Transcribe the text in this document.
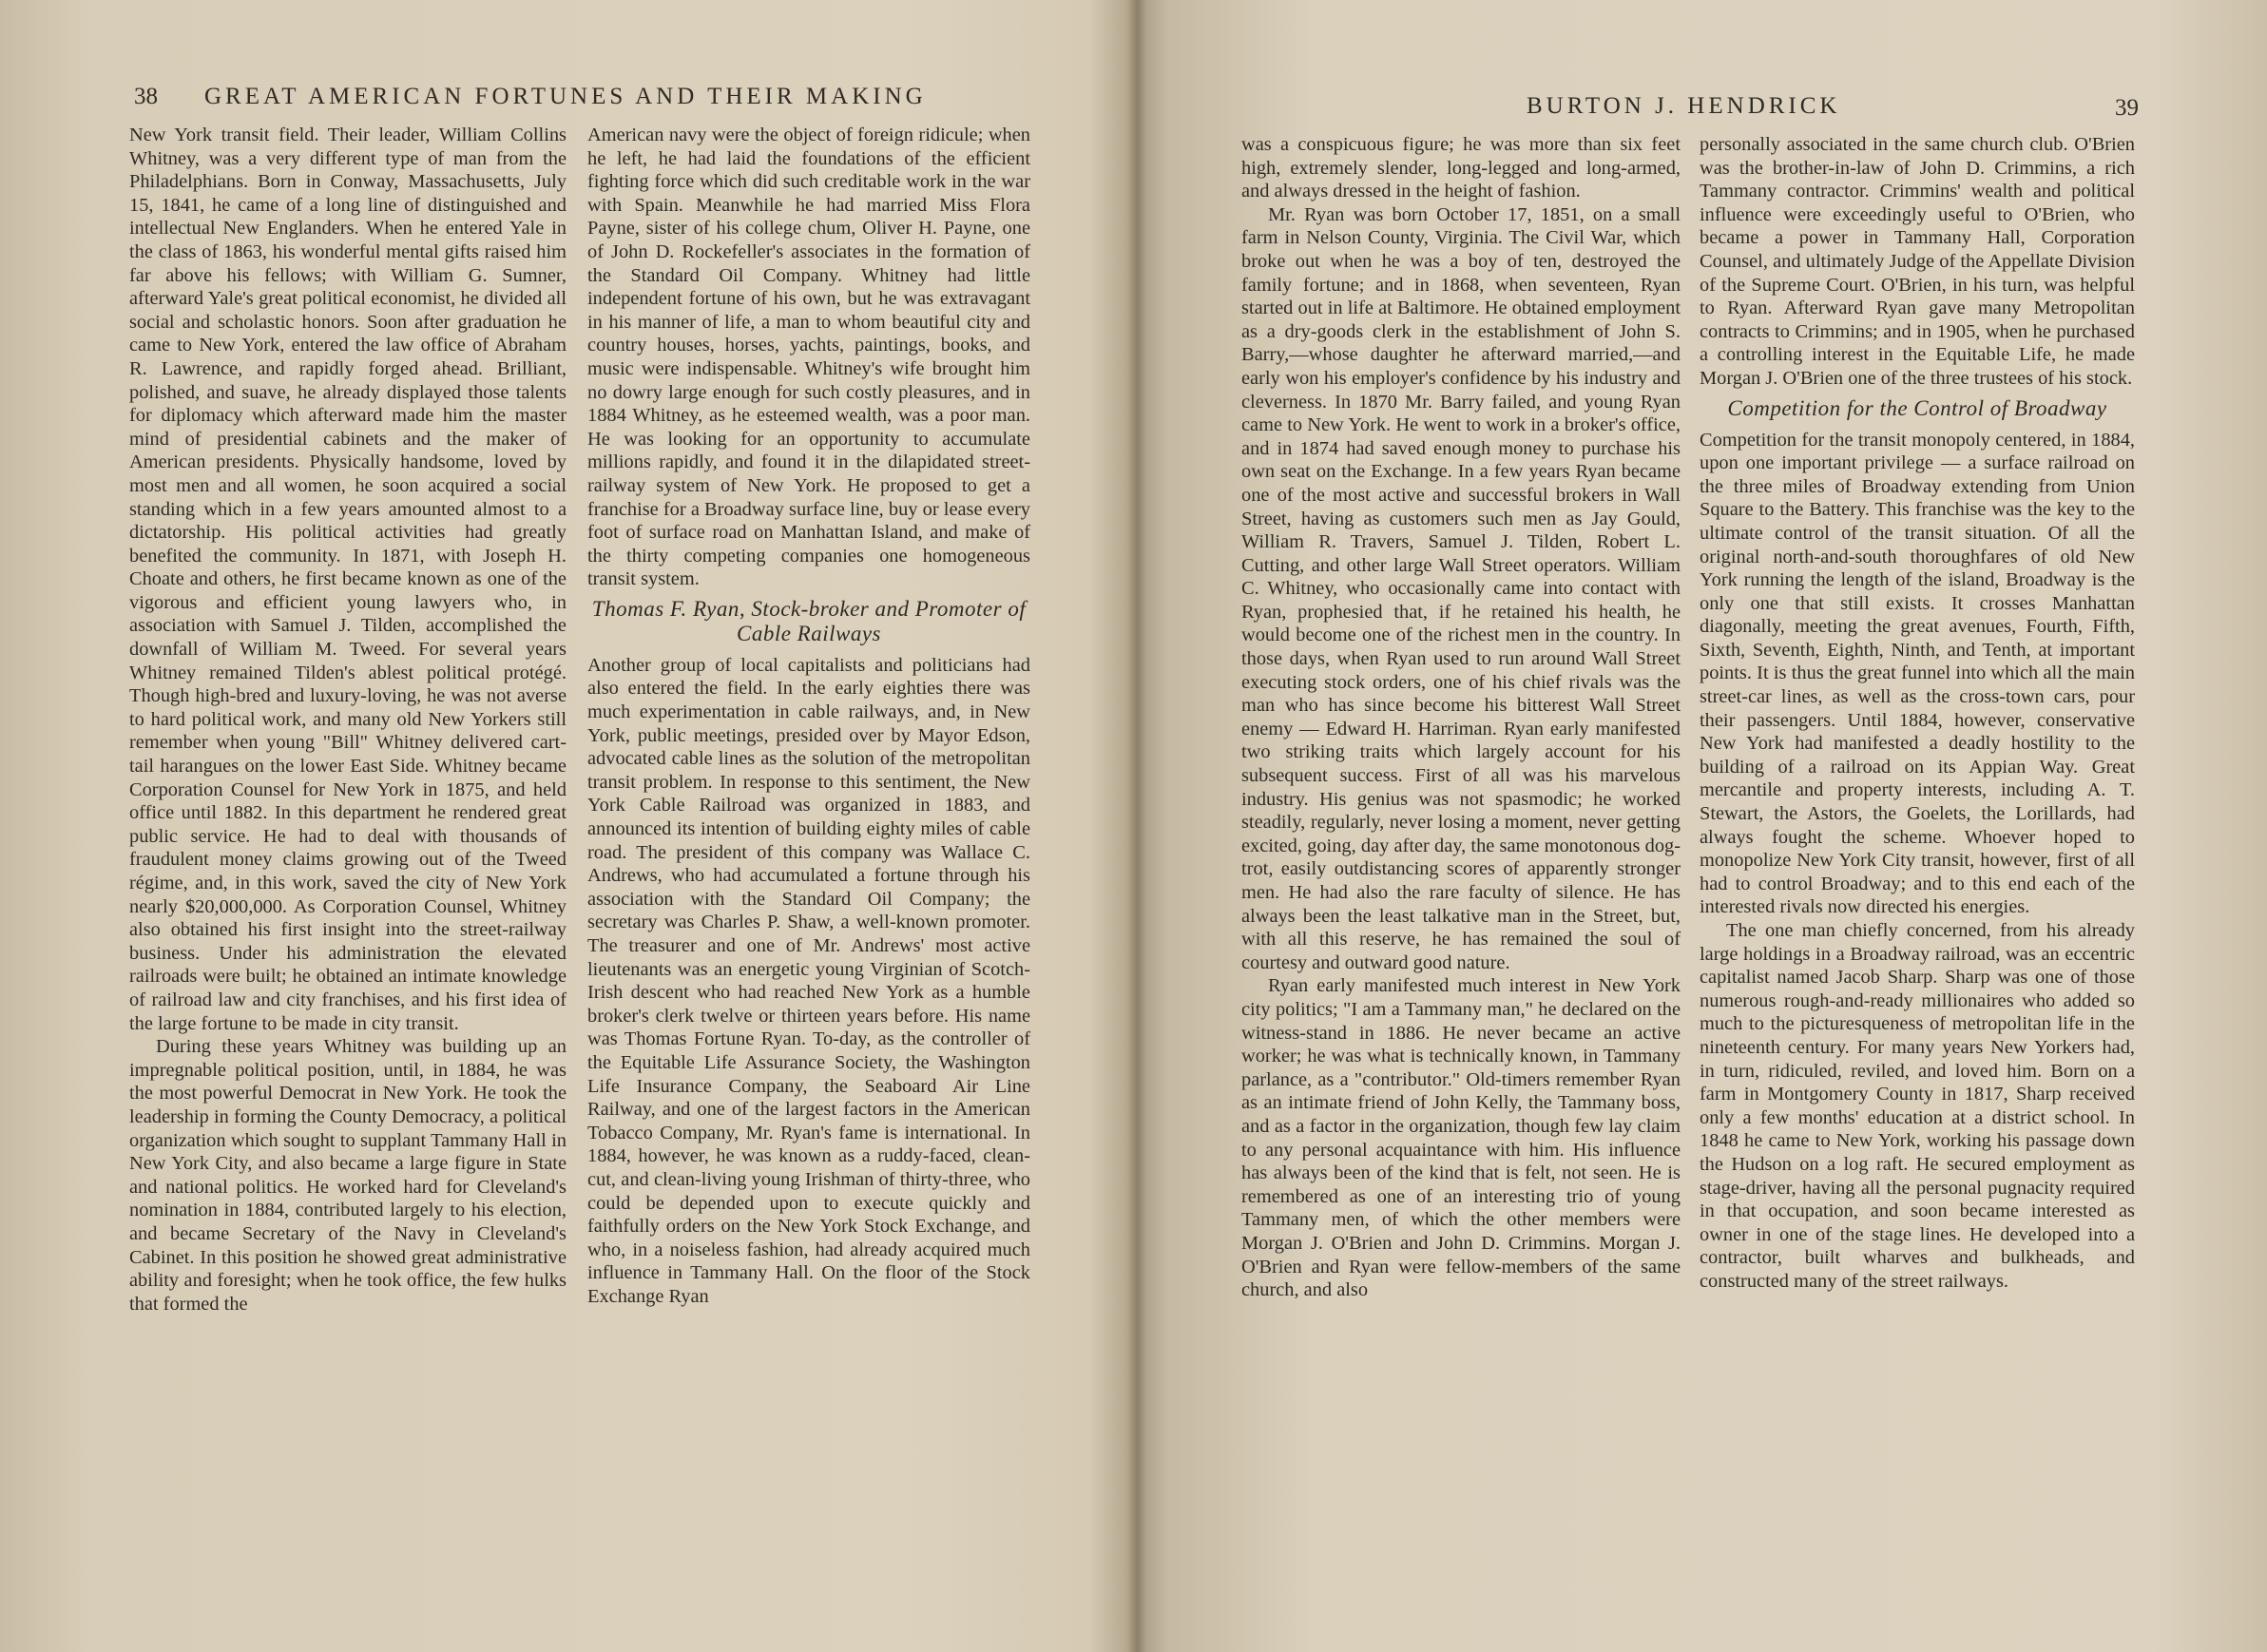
38 GREAT AMERICAN FORTUNES AND THEIR MAKING

New York transit field. Their leader, William Collins Whitney, was a very different type of man from the Philadelphians. Born in Conway, Massachusetts, July 15, 1841, he came of a long line of distinguished and intellectual New Englanders. When he entered Yale in the class of 1863, his wonderful mental gifts raised him far above his fellows; with William G. Sumner, afterward Yale's great political economist, he divided all social and scholastic honors. Soon after graduation he came to New York, entered the law office of Abraham R. Lawrence, and rapidly forged ahead. Brilliant, polished, and suave, he already displayed those talents for diplomacy which afterward made him the master mind of presidential cabinets and the maker of American presidents. Physically handsome, loved by most men and all women, he soon acquired a social standing which in a few years amounted almost to a dictatorship. His political activities had greatly benefited the community. In 1871, with Joseph H. Choate and others, he first became known as one of the vigorous and efficient young lawyers who, in association with Samuel J. Tilden, accomplished the downfall of William M. Tweed. For several years Whitney remained Tilden's ablest political protégé. Though high-bred and luxury-loving, he was not averse to hard political work, and many old New Yorkers still remember when young "Bill" Whitney delivered cart-tail harangues on the lower East Side. Whitney became Corporation Counsel for New York in 1875, and held office until 1882. In this department he rendered great public service. He had to deal with thousands of fraudulent money claims growing out of the Tweed régime, and, in this work, saved the city of New York nearly $20,000,000. As Corporation Counsel, Whitney also obtained his first insight into the street-railway business. Under his administration the elevated railroads were built; he obtained an intimate knowledge of railroad law and city franchises, and his first idea of the large fortune to be made in city transit.

During these years Whitney was building up an impregnable political position, until, in 1884, he was the most powerful Democrat in New York. He took the leadership in forming the County Democracy, a political organization which sought to supplant Tammany Hall in New York City, and also became a large figure in State and national politics. He worked hard for Cleveland's nomination in 1884, contributed largely to his election, and became Secretary of the Navy in Cleveland's Cabinet. In this position he showed great administrative ability and foresight; when he took office, the few hulks that formed the

American navy were the object of foreign ridicule; when he left, he had laid the foundations of the efficient fighting force which did such creditable work in the war with Spain. Meanwhile he had married Miss Flora Payne, sister of his college chum, Oliver H. Payne, one of John D. Rockefeller's associates in the formation of the Standard Oil Company. Whitney had little independent fortune of his own, but he was extravagant in his manner of life, a man to whom beautiful city and country houses, horses, yachts, paintings, books, and music were indispensable. Whitney's wife brought him no dowry large enough for such costly pleasures, and in 1884 Whitney, as he esteemed wealth, was a poor man. He was looking for an opportunity to accumulate millions rapidly, and found it in the dilapidated street-railway system of New York. He proposed to get a franchise for a Broadway surface line, buy or lease every foot of surface road on Manhattan Island, and make of the thirty competing companies one homogeneous transit system.

Thomas F. Ryan, Stock-broker and Promoter of Cable Railways

Another group of local capitalists and politicians had also entered the field. In the early eighties there was much experimentation in cable railways, and, in New York, public meetings, presided over by Mayor Edson, advocated cable lines as the solution of the metropolitan transit problem. In response to this sentiment, the New York Cable Railroad was organized in 1883, and announced its intention of building eighty miles of cable road. The president of this company was Wallace C. Andrews, who had accumulated a fortune through his association with the Standard Oil Company; the secretary was Charles P. Shaw, a well-known promoter. The treasurer and one of Mr. Andrews' most active lieutenants was an energetic young Virginian of Scotch-Irish descent who had reached New York as a humble broker's clerk twelve or thirteen years before. His name was Thomas Fortune Ryan. To-day, as the controller of the Equitable Life Assurance Society, the Washington Life Insurance Company, the Seaboard Air Line Railway, and one of the largest factors in the American Tobacco Company, Mr. Ryan's fame is international. In 1884, however, he was known as a ruddy-faced, clean-cut, and clean-living young Irishman of thirty-three, who could be depended upon to execute quickly and faithfully orders on the New York Stock Exchange, and who, in a noiseless fashion, had already acquired much influence in Tammany Hall. On the floor of the Stock Exchange Ryan

BURTON J. HENDRICK	39

was a conspicuous figure; he was more than six feet high, extremely slender, long-legged and long-armed, and always dressed in the height of fashion.

Mr. Ryan was born October 17, 1851, on a small farm in Nelson County, Virginia. The Civil War, which broke out when he was a boy of ten, destroyed the family fortune; and in 1868, when seventeen, Ryan started out in life at Baltimore. He obtained employment as a dry-goods clerk in the establishment of John S. Barry,—whose daughter he afterward married,—and early won his employer's confidence by his industry and cleverness. In 1870 Mr. Barry failed, and young Ryan came to New York. He went to work in a broker's office, and in 1874 had saved enough money to purchase his own seat on the Exchange. In a few years Ryan became one of the most active and successful brokers in Wall Street, having as customers such men as Jay Gould, William R. Travers, Samuel J. Tilden, Robert L. Cutting, and other large Wall Street operators. William C. Whitney, who occasionally came into contact with Ryan, prophesied that, if he retained his health, he would become one of the richest men in the country. In those days, when Ryan used to run around Wall Street executing stock orders, one of his chief rivals was the man who has since become his bitterest Wall Street enemy — Edward H. Harriman. Ryan early manifested two striking traits which largely account for his subsequent success. First of all was his marvelous industry. His genius was not spasmodic; he worked steadily, regularly, never losing a moment, never getting excited, going, day after day, the same monotonous dog-trot, easily outdistancing scores of apparently stronger men. He had also the rare faculty of silence. He has always been the least talkative man in the Street, but, with all this reserve, he has remained the soul of courtesy and outward good nature.

Ryan early manifested much interest in New York city politics; "I am a Tammany man," he declared on the witness-stand in 1886. He never became an active worker; he was what is technically known, in Tammany parlance, as a "contributor." Old-timers remember Ryan as an intimate friend of John Kelly, the Tammany boss, and as a factor in the organization, though few lay claim to any personal acquaintance with him. His influence has always been of the kind that is felt, not seen. He is remembered as one of an interesting trio of young Tammany men, of which the other members were Morgan J. O'Brien and John D. Crimmins. Morgan J. O'Brien and Ryan were fellow-members of the same church, and also

personally associated in the same church club. O'Brien was the brother-in-law of John D. Crimmins, a rich Tammany contractor. Crimmins' wealth and political influence were exceedingly useful to O'Brien, who became a power in Tammany Hall, Corporation Counsel, and ultimately Judge of the Appellate Division of the Supreme Court. O'Brien, in his turn, was helpful to Ryan. Afterward Ryan gave many Metropolitan contracts to Crimmins; and in 1905, when he purchased a controlling interest in the Equitable Life, he made Morgan J. O'Brien one of the three trustees of his stock.

Competition for the Control of Broadway

Competition for the transit monopoly centered, in 1884, upon one important privilege — a surface railroad on the three miles of Broadway extending from Union Square to the Battery. This franchise was the key to the ultimate control of the transit situation. Of all the original north-and-south thoroughfares of old New York running the length of the island, Broadway is the only one that still exists. It crosses Manhattan diagonally, meeting the great avenues, Fourth, Fifth, Sixth, Seventh, Eighth, Ninth, and Tenth, at important points. It is thus the great funnel into which all the main street-car lines, as well as the cross-town cars, pour their passengers. Until 1884, however, conservative New York had manifested a deadly hostility to the building of a railroad on its Appian Way. Great mercantile and property interests, including A. T. Stewart, the Astors, the Goelets, the Lorillards, had always fought the scheme. Whoever hoped to monopolize New York City transit, however, first of all had to control Broadway; and to this end each of the interested rivals now directed his energies.

The one man chiefly concerned, from his already large holdings in a Broadway railroad, was an eccentric capitalist named Jacob Sharp. Sharp was one of those numerous rough-and-ready millionaires who added so much to the picturesqueness of metropolitan life in the nineteenth century. For many years New Yorkers had, in turn, ridiculed, reviled, and loved him. Born on a farm in Montgomery County in 1817, Sharp received only a few months' education at a district school. In 1848 he came to New York, working his passage down the Hudson on a log raft. He secured employment as stage-driver, having all the personal pugnacity required in that occupation, and soon became interested as owner in one of the stage lines. He developed into a contractor, built wharves and bulkheads, and constructed many of the street railways.
